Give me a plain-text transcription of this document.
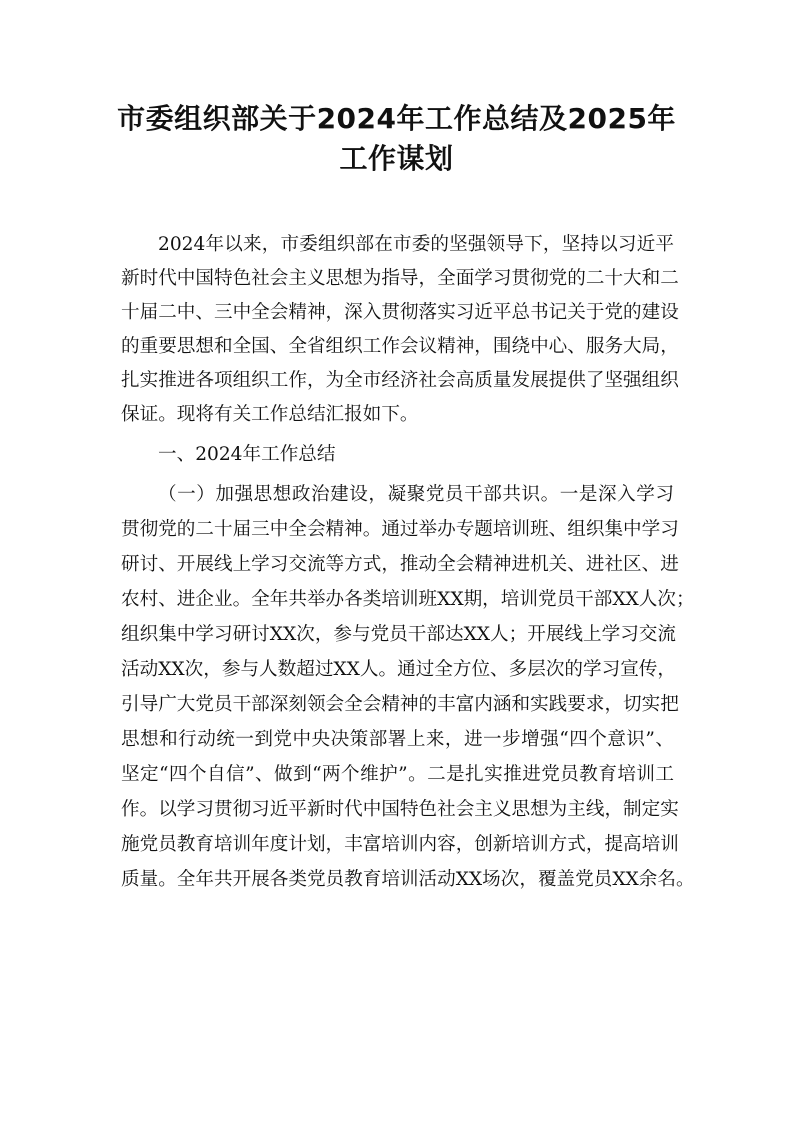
市委组织部关于2024年工作总结及2025年
工作谋划
2024年以来，市委组织部在市委的坚强领导下，坚持以习近平
新时代中国特色社会主义思想为指导，全面学习贯彻党的二十大和二
十届二中、三中全会精神，深入贯彻落实习近平总书记关于党的建设
的重要思想和全国、全省组织工作会议精神，围绕中心、服务大局，
扎实推进各项组织工作，为全市经济社会高质量发展提供了坚强组织
保证。现将有关工作总结汇报如下。
一、2024年工作总结
（一）加强思想政治建设，凝聚党员干部共识。一是深入学习
贯彻党的二十届三中全会精神。通过举办专题培训班、组织集中学习
研讨、开展线上学习交流等方式，推动全会精神进机关、进社区、进
农村、进企业。全年共举办各类培训班XX期，培训党员干部XX人次；
组织集中学习研讨XX次，参与党员干部达XX人；开展线上学习交流
活动XX次，参与人数超过XX人。通过全方位、多层次的学习宣传，
引导广大党员干部深刻领会全会精神的丰富内涵和实践要求，切实把
思想和行动统一到党中央决策部署上来，进一步增强“四个意识”、
坚定“四个自信”、做到“两个维护”。二是扎实推进党员教育培训工
作。以学习贯彻习近平新时代中国特色社会主义思想为主线，制定实
施党员教育培训年度计划，丰富培训内容，创新培训方式，提高培训
质量。全年共开展各类党员教育培训活动XX场次，覆盖党员XX余名。
